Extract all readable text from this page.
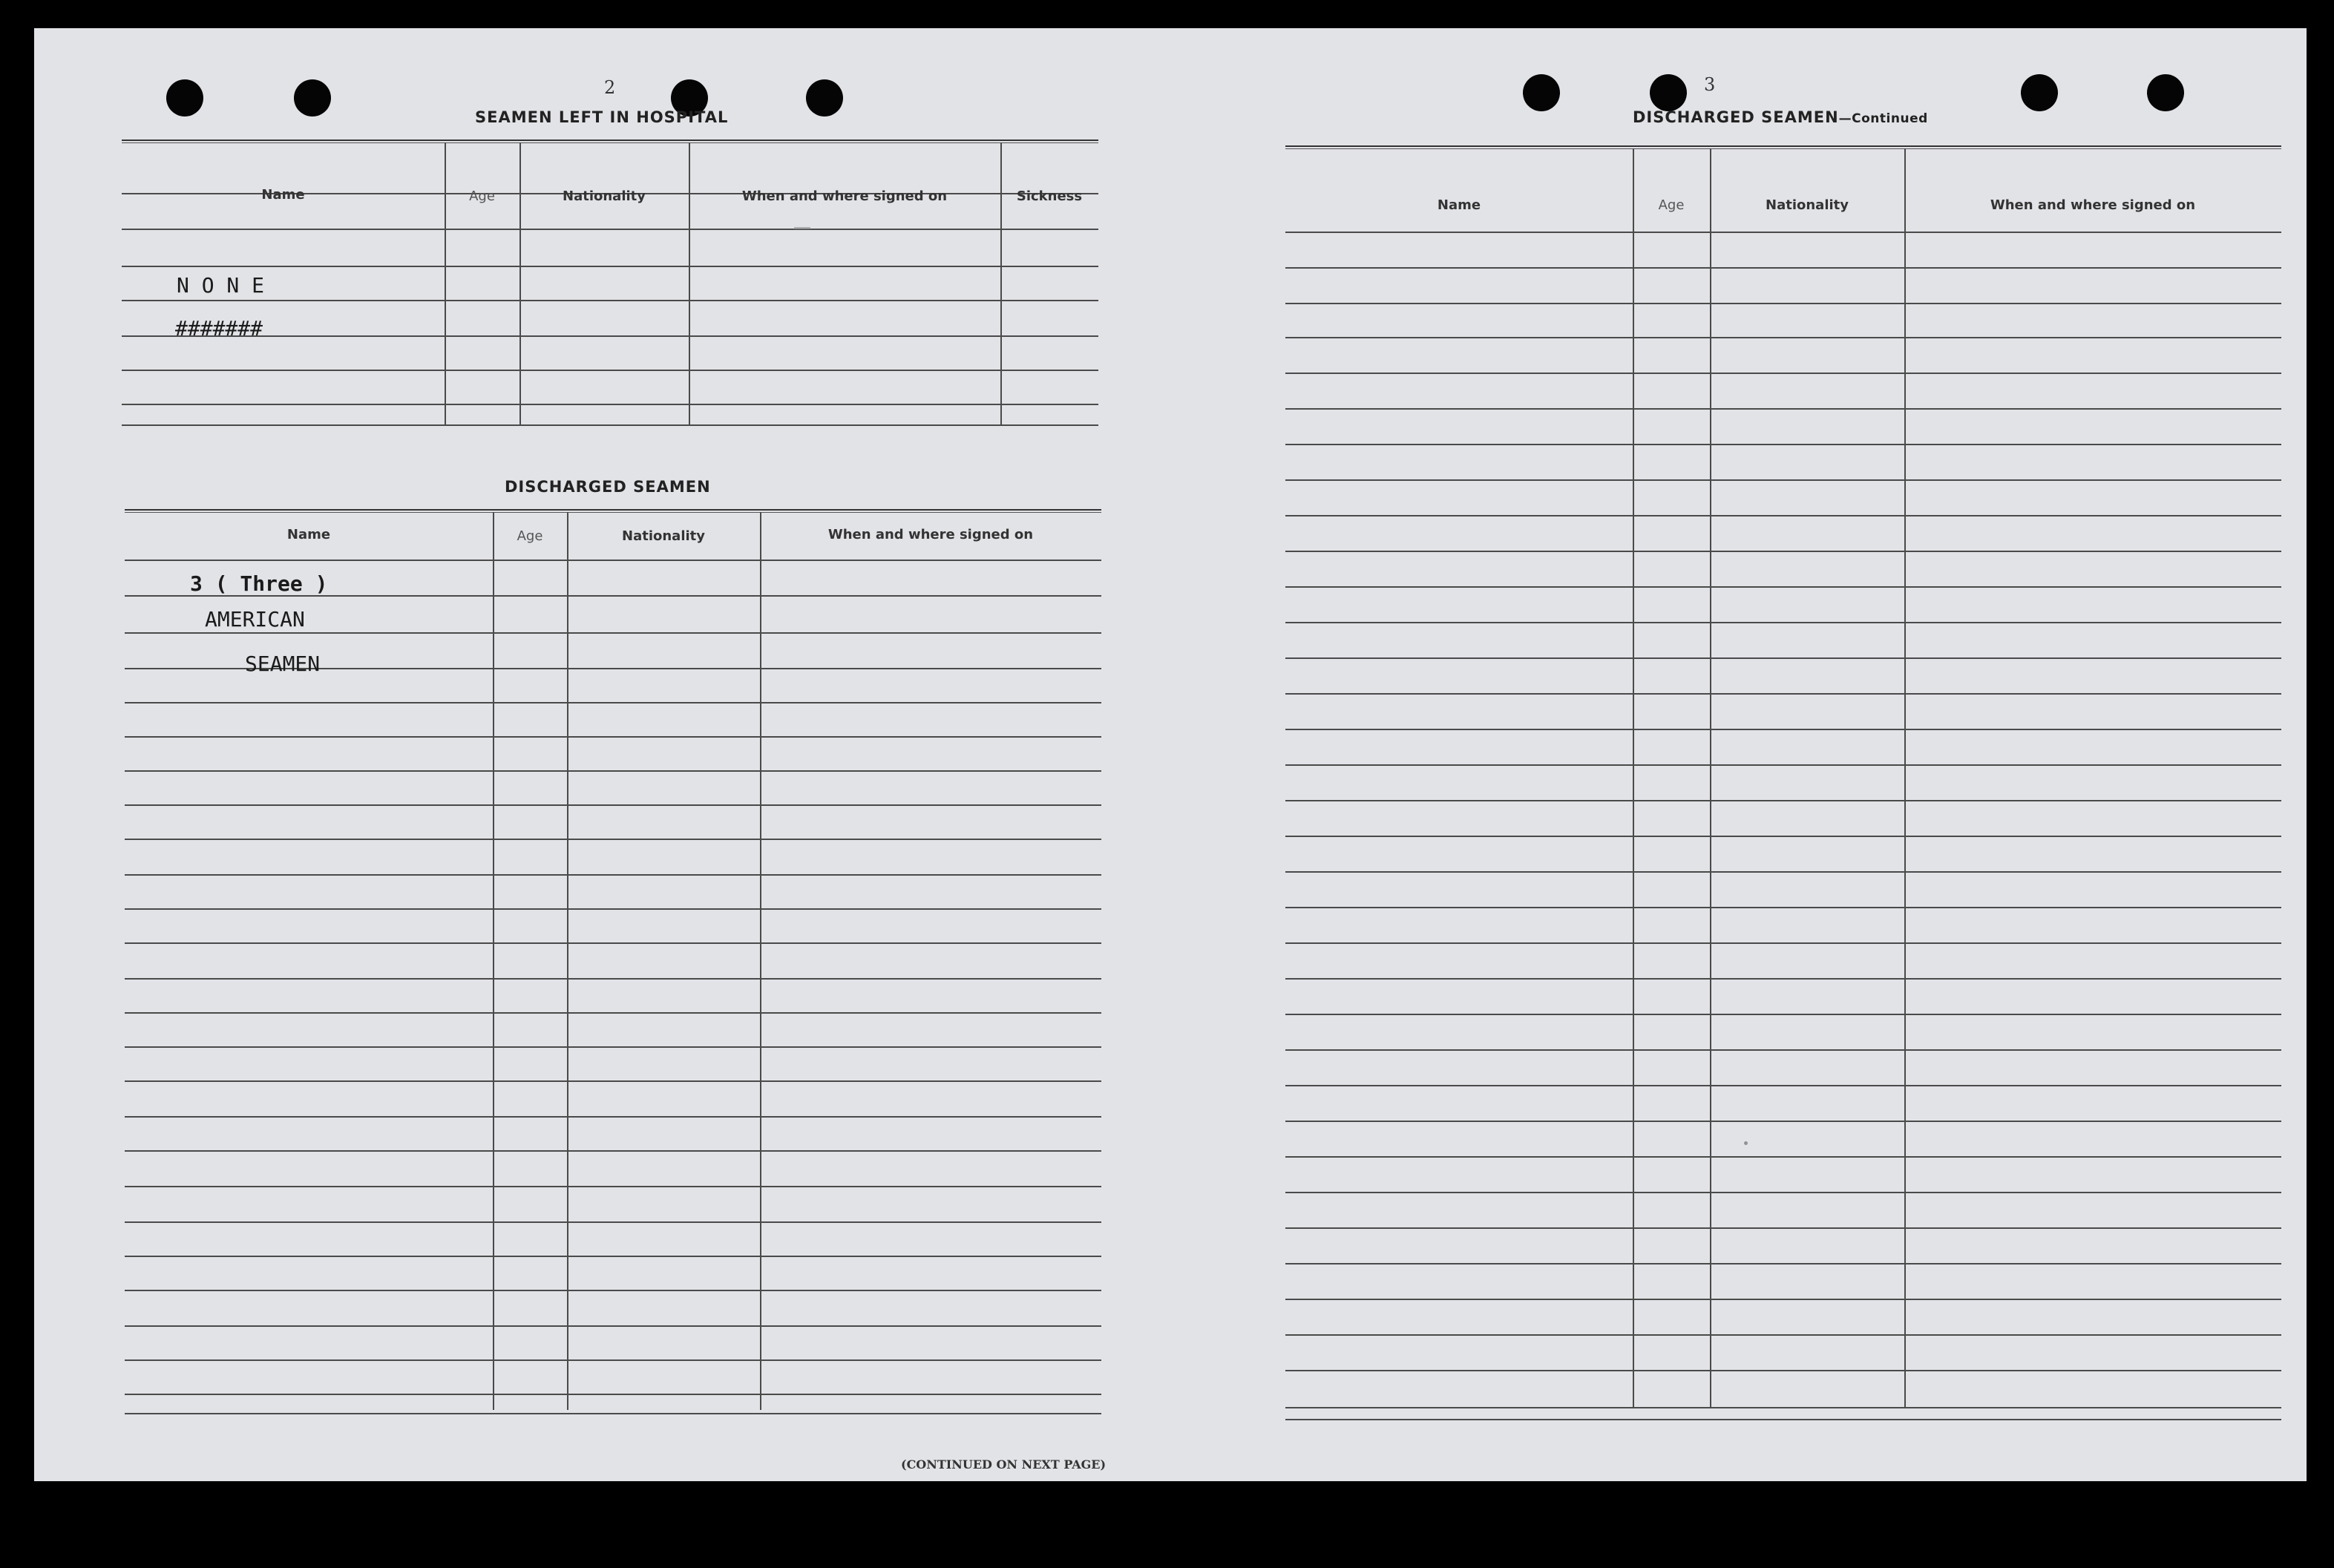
2
SEAMEN LEFT IN HOSPITAL
Name	Age	Nationality	When and where signed on	Sickness
N O N E
#######
DISCHARGED SEAMEN
Name	Age	Nationality	When and where signed on
(CONTINUED ON NEXT PAGE)
3 ( Three )
AMERICAN
SEAMEN
3
DISCHARGED SEAMEN—Continued
Name	Age	Nationality	When and where signed on
